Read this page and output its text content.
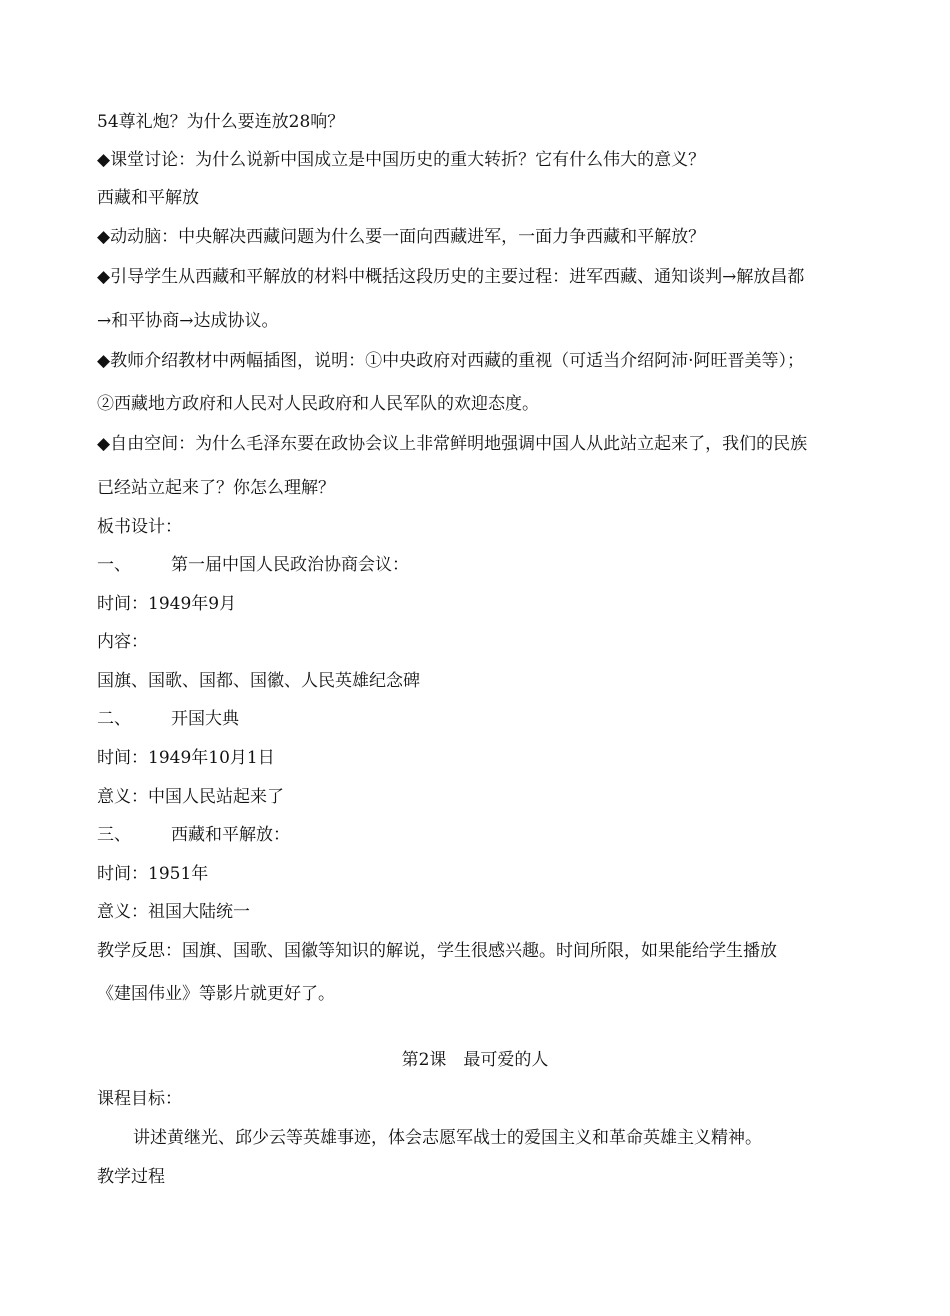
54尊礼炮？为什么要连放28响？
◆课堂讨论：为什么说新中国成立是中国历史的重大转折？它有什么伟大的意义？
西藏和平解放
◆动动脑：中央解决西藏问题为什么要一面向西藏进军，一面力争西藏和平解放？
◆引导学生从西藏和平解放的材料中概括这段历史的主要过程：进军西藏、通知谈判→解放昌都
→和平协商→达成协议。
◆教师介绍教材中两幅插图，说明：①中央政府对西藏的重视（可适当介绍阿沛·阿旺晋美等）；
②西藏地方政府和人民对人民政府和人民军队的欢迎态度。
◆自由空间：为什么毛泽东要在政协会议上非常鲜明地强调中国人从此站立起来了，我们的民族
已经站立起来了？你怎么理解？
板书设计：
一、 第一届中国人民政治协商会议：
时间：1949年9月
内容：
国旗、国歌、国都、国徽、人民英雄纪念碑
二、 开国大典
时间：1949年10月1日
意义：中国人民站起来了
三、 西藏和平解放：
时间：1951年
意义：祖国大陆统一
教学反思：国旗、国歌、国徽等知识的解说，学生很感兴趣。时间所限，如果能给学生播放
《建国伟业》等影片就更好了。
第2课　最可爱的人
课程目标：
讲述黄继光、邱少云等英雄事迹，体会志愿军战士的爱国主义和革命英雄主义精神。
教学过程
